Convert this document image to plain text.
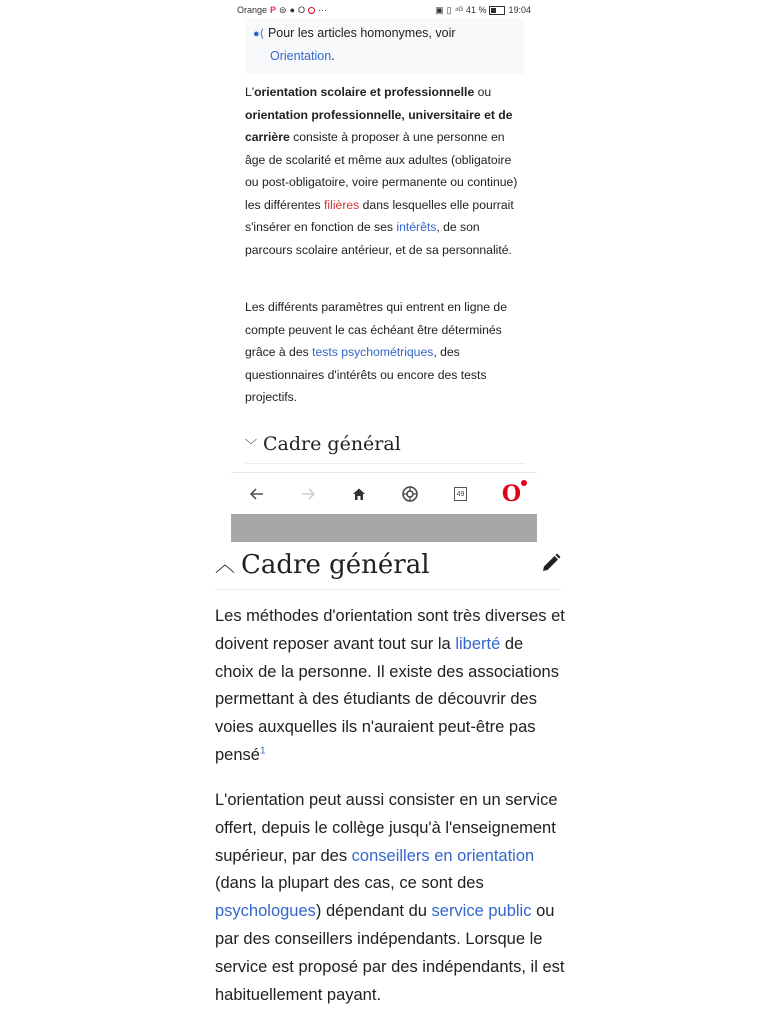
Orange P ⊜ ● O ···	▣ ▯ ⁴ᴳ 41 % 19:04
●⟨ Pour les articles homonymes, voir
Orientation.
L'orientation scolaire et professionnelle ou orientation professionnelle, universitaire et de carrière consiste à proposer à une personne en âge de scolarité et même aux adultes (obligatoire ou post-obligatoire, voire permanente ou continue) les différentes filières dans lesquelles elle pourrait s'insérer en fonction de ses intérêts, de son parcours scolaire antérieur, et de sa personnalité.
Les différents paramètres qui entrent en ligne de compte peuvent le cas échéant être déterminés grâce à des tests psychométriques, des questionnaires d'intérêts ou encore des tests projectifs.
﹀ Cadre général
49 O
︿ Cadre général
Les méthodes d'orientation sont très diverses et doivent reposer avant tout sur la liberté de choix de la personne. Il existe des associations permettant à des étudiants de découvrir des voies auxquelles ils n'auraient peut-être pas pensé$^1$
L'orientation peut aussi consister en un service offert, depuis le collège jusqu'à l'enseignement supérieur, par des conseillers en orientation (dans la plupart des cas, ce sont des psychologues) dépendant du service public ou par des conseillers indépendants. Lorsque le service est proposé par des indépendants, il est habituellement payant.
